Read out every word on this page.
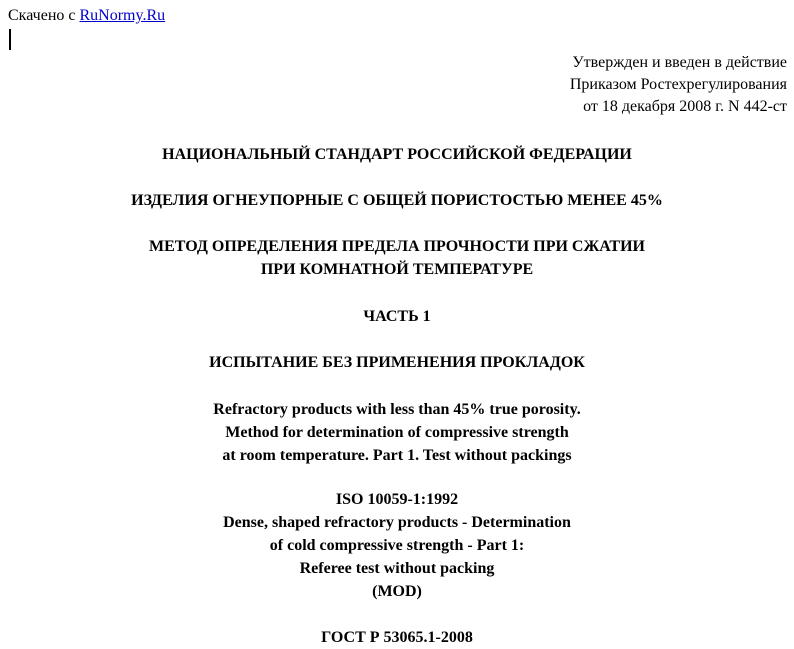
Скачено с RuNormy.Ru
Утвержден и введен в действие
Приказом Ростехрегулирования
от 18 декабря 2008 г. N 442-ст
НАЦИОНАЛЬНЫЙ СТАНДАРТ РОССИЙСКОЙ ФЕДЕРАЦИИ
ИЗДЕЛИЯ ОГНЕУПОРНЫЕ С ОБЩЕЙ ПОРИСТОСТЬЮ МЕНЕЕ 45%
МЕТОД ОПРЕДЕЛЕНИЯ ПРЕДЕЛА ПРОЧНОСТИ ПРИ СЖАТИИ
ПРИ КОМНАТНОЙ ТЕМПЕРАТУРЕ
ЧАСТЬ 1
ИСПЫТАНИЕ БЕЗ ПРИМЕНЕНИЯ ПРОКЛАДОК
Refractory products with less than 45% true porosity.
Method for determination of compressive strength
at room temperature. Part 1. Test without packings
ISO 10059-1:1992
Dense, shaped refractory products - Determination
of cold compressive strength - Part 1:
Referee test without packing
(MOD)
ГОСТ Р 53065.1-2008
